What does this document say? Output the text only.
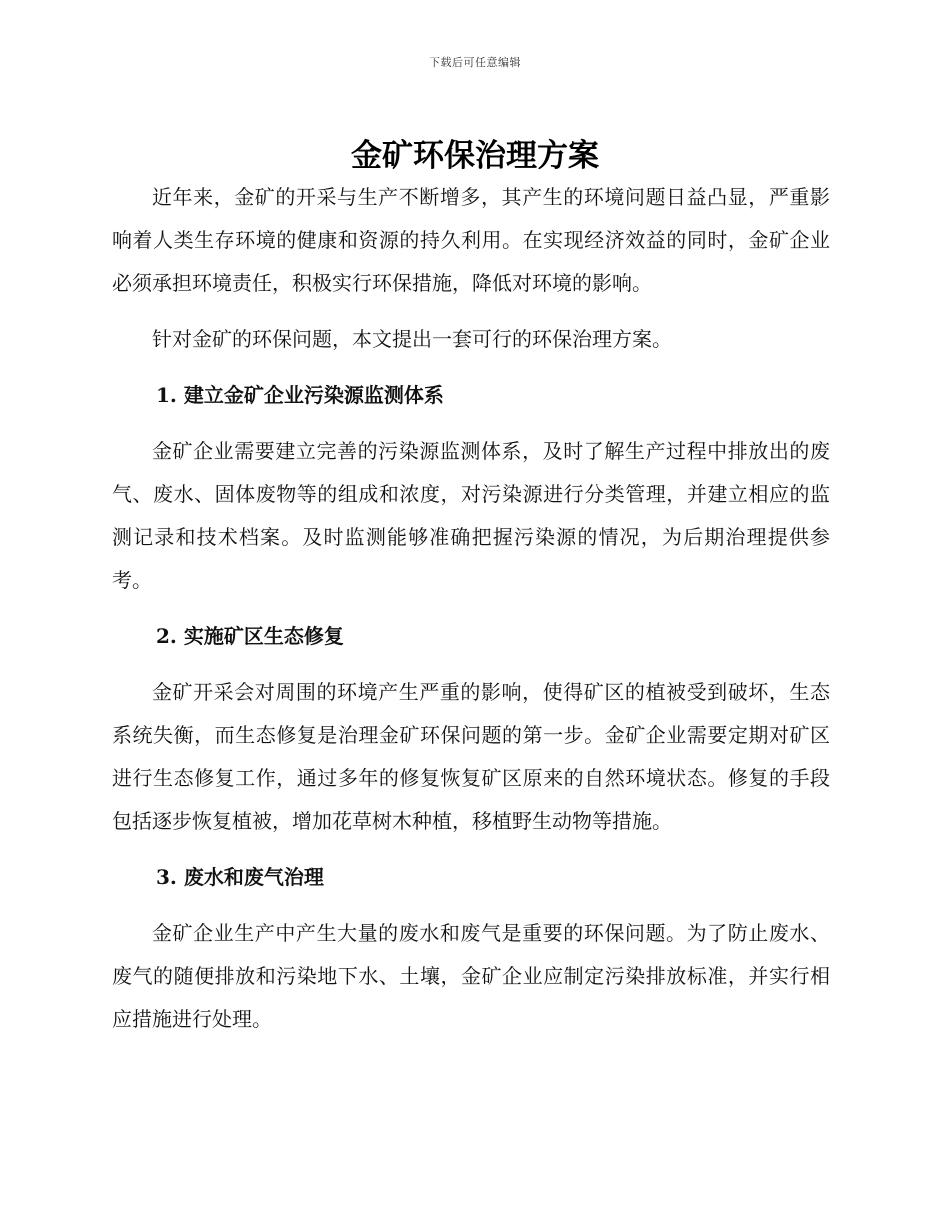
下载后可任意编辑
金矿环保治理方案

近年来，金矿的开采与生产不断增多，其产生的环境问题日益凸显，严重影响着人类生存环境的健康和资源的持久利用。在实现经济效益的同时，金矿企业必须承担环境责任，积极实行环保措施，降低对环境的影响。

针对金矿的环保问题，本文提出一套可行的环保治理方案。

1. 建立金矿企业污染源监测体系

金矿企业需要建立完善的污染源监测体系，及时了解生产过程中排放出的废气、废水、固体废物等的组成和浓度，对污染源进行分类管理，并建立相应的监测记录和技术档案。及时监测能够准确把握污染源的情况，为后期治理提供参考。

2. 实施矿区生态修复

金矿开采会对周围的环境产生严重的影响，使得矿区的植被受到破坏，生态系统失衡，而生态修复是治理金矿环保问题的第一步。金矿企业需要定期对矿区进行生态修复工作，通过多年的修复恢复矿区原来的自然环境状态。修复的手段包括逐步恢复植被，增加花草树木种植，移植野生动物等措施。

3. 废水和废气治理

金矿企业生产中产生大量的废水和废气是重要的环保问题。为了防止废水、废气的随便排放和污染地下水、土壤，金矿企业应制定污染排放标准，并实行相应措施进行处理。
